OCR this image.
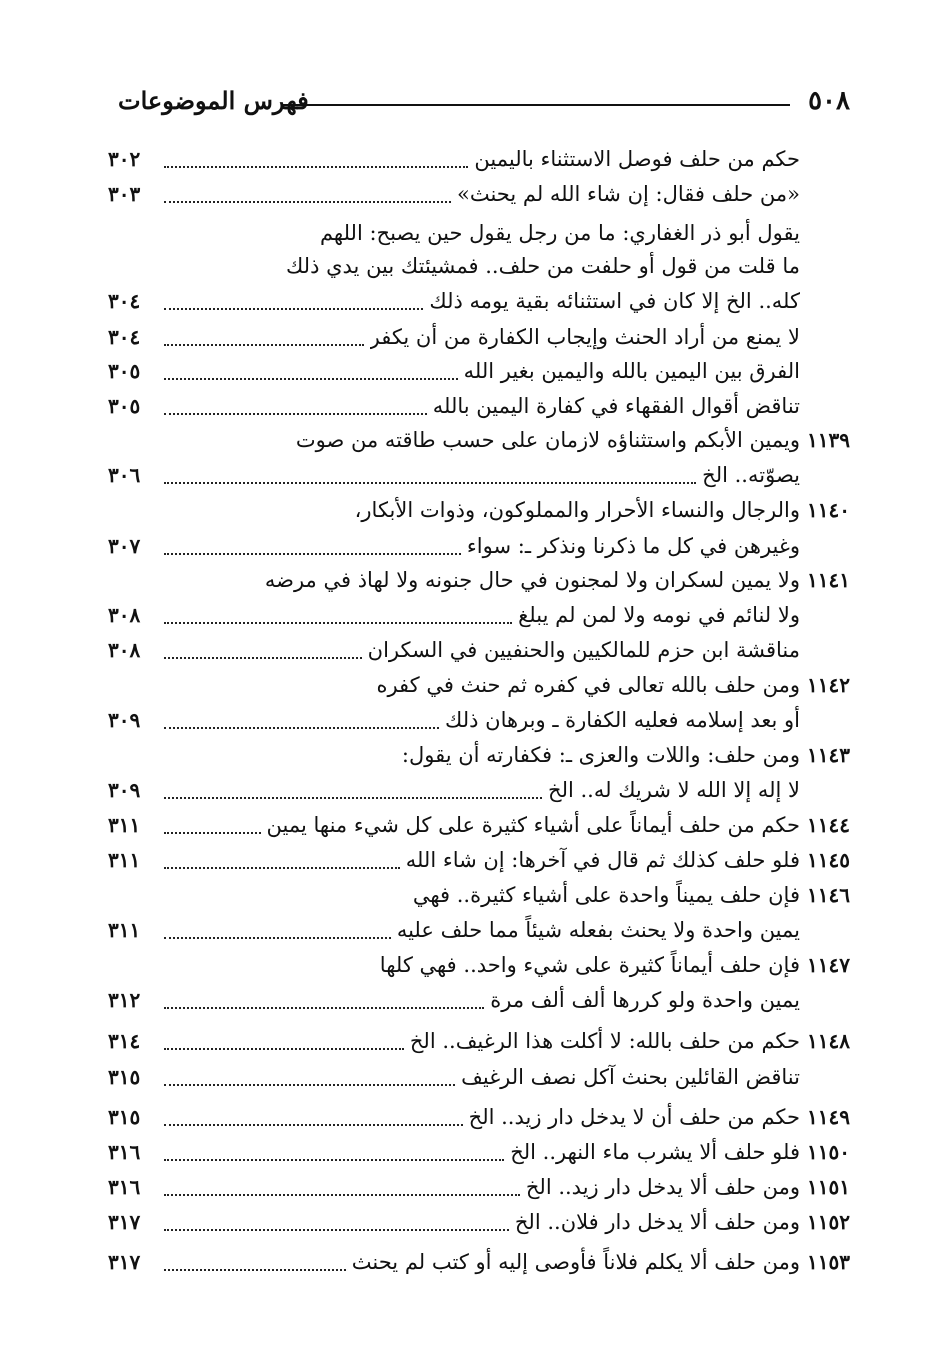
٥٠٨
فهرس الموضوعات
حكم من حلف فوصل الاستثناء باليمين
٣٠٢
«من حلف فقال: إن شاء الله لم يحنث»
٣٠٣
يقول أبو ذر الغفاري: ما من رجل يقول حين يصبح: اللهم
ما قلت من قول أو حلفت من حلف.. فمشيئتك بين يدي ذلك
كله.. الخ إلا كان في استثنائه بقية يومه ذلك
٣٠٤
لا يمنع من أراد الحنث وإيجاب الكفارة من أن يكفر
٣٠٤
الفرق بين اليمين بالله واليمين بغير الله
٣٠٥
تناقض أقوال الفقهاء في كفارة اليمين بالله
٣٠٥
١١٣٩
ويمين الأبكم واستثناؤه لازمان على حسب طاقته من صوت
يصوّته.. الخ
٣٠٦
١١٤٠
والرجال والنساء الأحرار والمملوكون، وذوات الأبكار،
وغيرهن في كل ما ذكرنا ونذكر ـ: سواء
٣٠٧
١١٤١
ولا يمين لسكران ولا لمجنون في حال جنونه ولا لهاذ في مرضه
ولا لنائم في نومه ولا لمن لم يبلغ
٣٠٨
مناقشة ابن حزم للمالكيين والحنفيين في السكران
٣٠٨
١١٤٢
ومن حلف بالله تعالى في كفره ثم حنث في كفره
أو بعد إسلامه فعليه الكفارة ـ وبرهان ذلك
٣٠٩
١١٤٣
ومن حلف: واللات والعزى ـ: فكفارته أن يقول:
لا إله إلا الله لا شريك له.. الخ
٣٠٩
١١٤٤
حكم من حلف أيماناً على أشياء كثيرة على كل شيء منها يمين
٣١١
١١٤٥
فلو حلف كذلك ثم قال في آخرها: إن شاء الله
٣١١
١١٤٦
فإن حلف يميناً واحدة على أشياء كثيرة.. فهي
يمين واحدة ولا يحنث بفعله شيئاً مما حلف عليه
٣١١
١١٤٧
فإن حلف أيماناً كثيرة على شيء واحد.. فهي كلها
يمين واحدة ولو كررها ألف ألف مرة
٣١٢
١١٤٨
حكم من حلف بالله: لا أكلت هذا الرغيف.. الخ
٣١٤
تناقض القائلين بحنث آكل نصف الرغيف
٣١٥
١١٤٩
حكم من حلف أن لا يدخل دار زيد.. الخ
٣١٥
١١٥٠
فلو حلف ألا يشرب ماء النهر.. الخ
٣١٦
١١٥١
ومن حلف ألا يدخل دار زيد.. الخ
٣١٦
١١٥٢
ومن حلف ألا يدخل دار فلان.. الخ
٣١٧
١١٥٣
ومن حلف ألا يكلم فلاناً فأوصى إليه أو كتب لم يحنث
٣١٧
